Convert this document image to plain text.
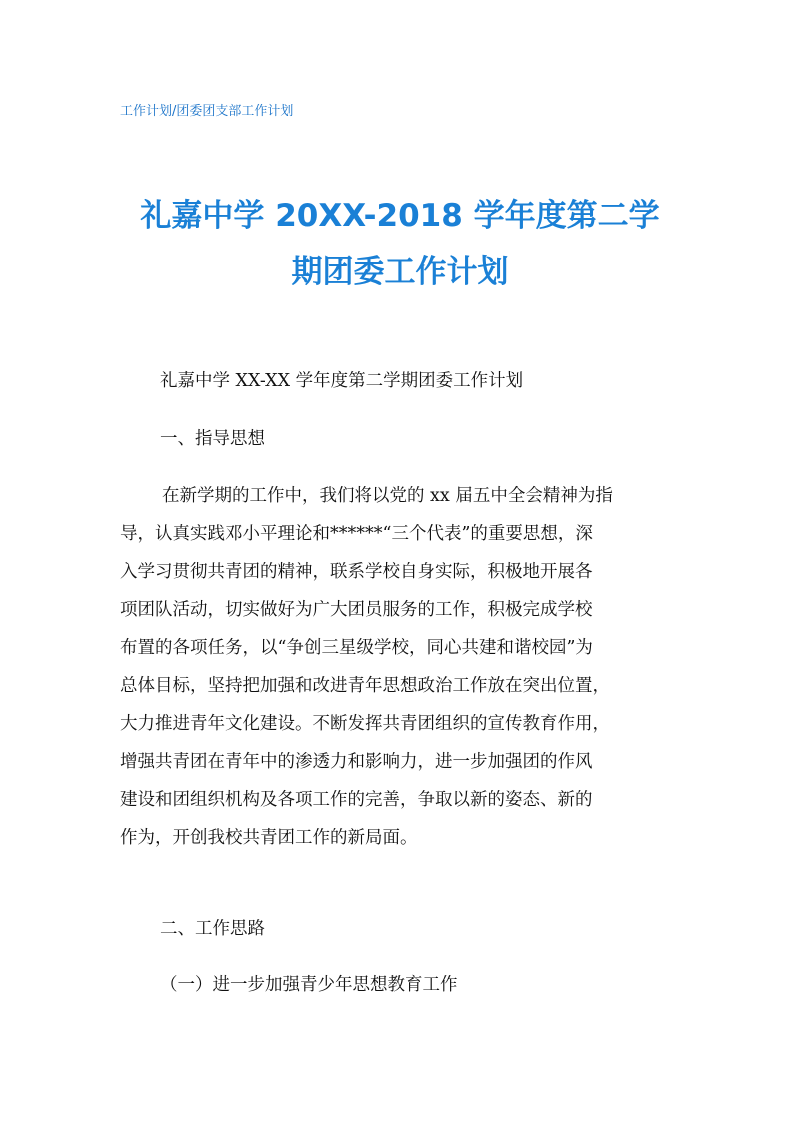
工作计划/团委团支部工作计划
礼嘉中学 20XX-2018 学年度第二学
期团委工作计划

礼嘉中学 XX-XX 学年度第二学期团委工作计划

一、指导思想

在新学期的工作中，我们将以党的 xx 届五中全会精神为指
导，认真实践邓小平理论和******“三个代表”的重要思想，深
入学习贯彻共青团的精神，联系学校自身实际，积极地开展各
项团队活动，切实做好为广大团员服务的工作，积极完成学校
布置的各项任务，以“争创三星级学校，同心共建和谐校园”为
总体目标，坚持把加强和改进青年思想政治工作放在突出位置，
大力推进青年文化建设。不断发挥共青团组织的宣传教育作用，
增强共青团在青年中的渗透力和影响力，进一步加强团的作风
建设和团组织机构及各项工作的完善，争取以新的姿态、新的
作为，开创我校共青团工作的新局面。

二、工作思路

（一）进一步加强青少年思想教育工作
